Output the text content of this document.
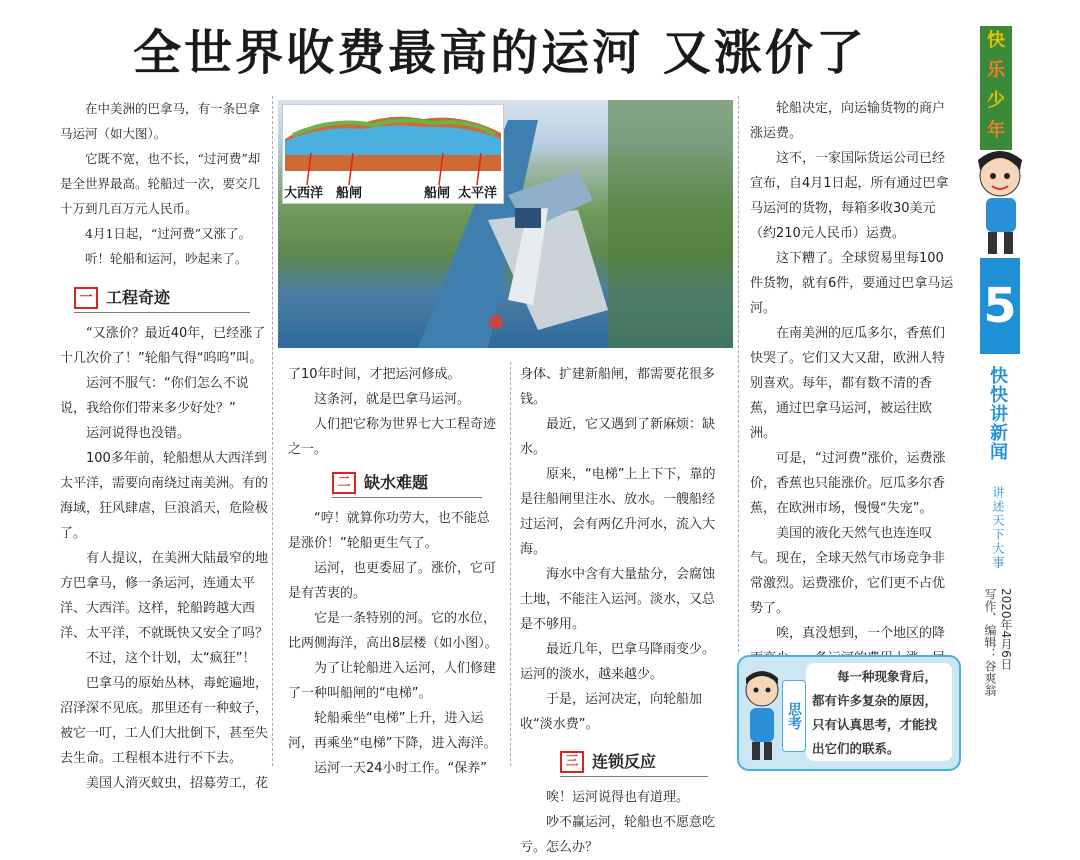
全世界收费最高的运河 又涨价了

在中美洲的巴拿马，有一条巴拿马运河（如大图）。

它既不宽，也不长，“过河费”却是全世界最高。轮船过一次，要交几十万到几百万元人民币。

4月1日起，“过河费”又涨了。

听！轮船和运河，吵起来了。

一 工程奇迹

“又涨价？最近40年，已经涨了十几次价了！”轮船气得“呜呜”叫。

运河不服气：“你们怎么不说说，我给你们带来多少好处？”

运河说得也没错。

100多年前，轮船想从大西洋到太平洋，需要向南绕过南美洲。有的海域，狂风肆虐，巨浪滔天，危险极了。

有人提议，在美洲大陆最窄的地方巴拿马，修一条运河，连通太平洋、大西洋。这样，轮船跨越大西洋、太平洋，不就既快又安全了吗？

不过，这个计划，太“疯狂”！

巴拿马的原始丛林，毒蛇遍地，沼泽深不见底。那里还有一种蚊子，被它一叮，工人们大批倒下，甚至失去生命。工程根本进行不下去。

美国人消灭蚊虫，招募劳工，花

大西洋 船闸	船闸 太平洋

了10年时间，才把运河修成。

这条河，就是巴拿马运河。

人们把它称为世界七大工程奇迹之一。

二 缺水难题

“哼！就算你功劳大，也不能总是涨价！”轮船更生气了。

运河，也更委屈了。涨价，它可是有苦衷的。

它是一条特别的河。它的水位，比两侧海洋，高出8层楼（如小图）。

为了让轮船进入运河，人们修建了一种叫船闸的“电梯”。

轮船乘坐“电梯”上升，进入运河，再乘坐“电梯”下降，进入海洋。

运河一天24小时工作。“保养”

身体、扩建新船闸，都需要花很多钱。

最近，它又遇到了新麻烦：缺水。

原来，“电梯”上上下下，靠的是往船闸里注水、放水。一艘船经过运河，会有两亿升河水，流入大海。

海水中含有大量盐分，会腐蚀土地，不能注入运河。淡水，又总是不够用。

最近几年，巴拿马降雨变少。运河的淡水，越来越少。

于是，运河决定，向轮船加收“淡水费”。

三 连锁反应

唉！运河说得也有道理。

吵不赢运河，轮船也不愿意吃亏。怎么办？

轮船决定，向运输货物的商户涨运费。

这不，一家国际货运公司已经宣布，自4月1日起，所有通过巴拿马运河的货物，每箱多收30美元（约210元人民币）运费。

这下糟了。全球贸易里每100件货物，就有6件，要通过巴拿马运河。

在南美洲的厄瓜多尔，香蕉们快哭了。它们又大又甜，欧洲人特别喜欢。每年，都有数不清的香蕉，通过巴拿马运河，被运往欧洲。

可是，“过河费”涨价，运费涨价，香蕉也只能涨价。厄瓜多尔香蕉，在欧洲市场，慢慢“失宠”。

美国的液化天然气也连连叹气。现在，全球天然气市场竞争非常激烈。运费涨价，它们更不占优势了。

唉，真没想到，一个地区的降

思考
每一种现象背后，都有许多复杂的原因，只有认真思考，才能找出它们的联系。
快
乐
少
年
5
快快讲新闻
讲述天下大事
2020年4月6日
写作、编辑：谷爽翁
